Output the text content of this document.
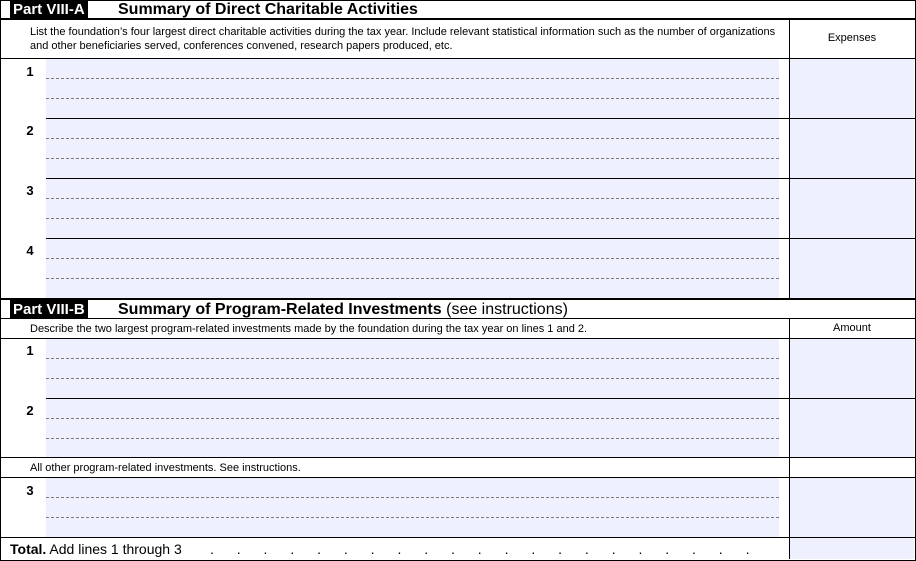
Part VIII-A Summary of Direct Charitable Activities
List the foundation’s four largest direct charitable activities during the tax year. Include relevant statistical information such as the number of organizations and other beneficiaries served, conferences convened, research papers produced, etc.
Expenses
1
2
3
4
Part VIII-B Summary of Program-Related Investments (see instructions)
Describe the two largest program-related investments made by the foundation during the tax year on lines 1 and 2.	Amount
1
2
All other program-related investments. See instructions.
3
Total. Add lines 1 through 3 . . . . . . . . . . . . . . . . . . . . .
